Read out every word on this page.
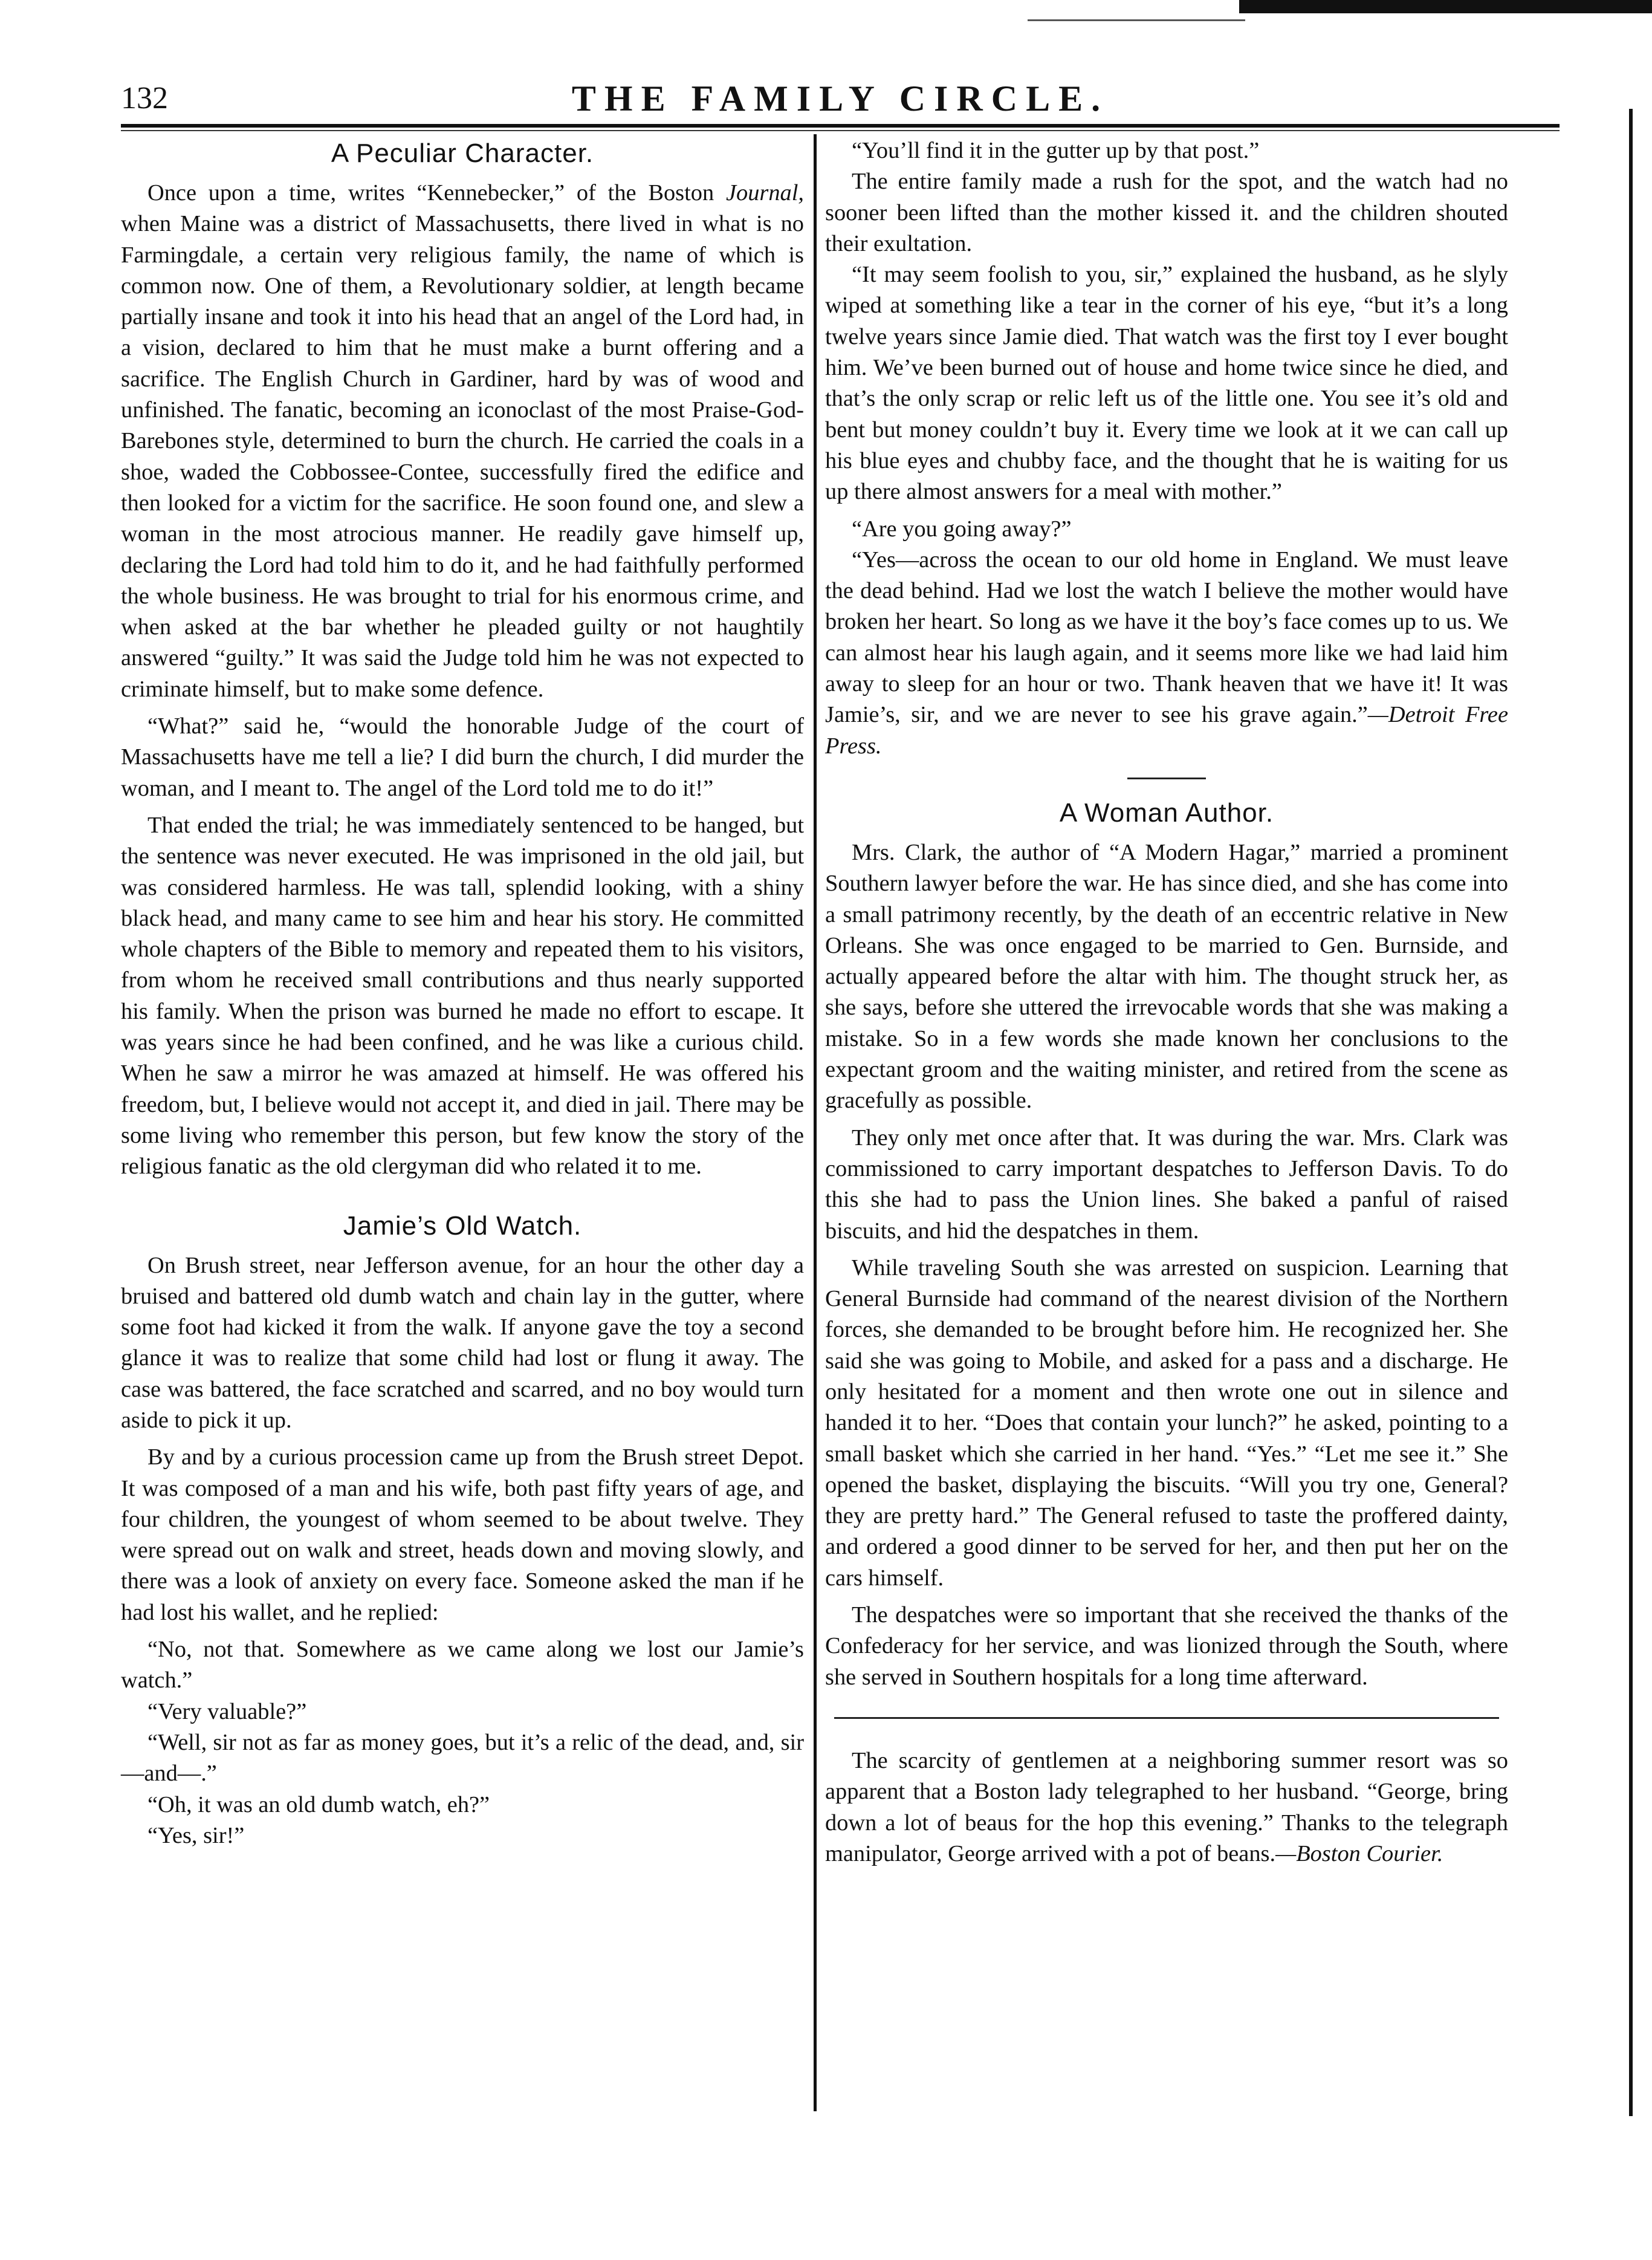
132	THE FAMILY CIRCLE.
A Peculiar Character.

Once upon a time, writes “Kennebecker,” of the Boston Journal, when Maine was a district of Massachusetts, there lived in what is no Farmingdale, a certain very religious family, the name of which is common now. One of them, a Revolutionary soldier, at length became partially insane and took it into his head that an angel of the Lord had, in a vision, declared to him that he must make a burnt offering and a sacrifice. The English Church in Gardiner, hard by was of wood and unfinished. The fanatic, becoming an iconoclast of the most Praise-God-Barebones style, determined to burn the church. He carried the coals in a shoe, waded the Cobbossee-Contee, successfully fired the edifice and then looked for a victim for the sacrifice. He soon found one, and slew a woman in the most atrocious manner. He readily gave himself up, declaring the Lord had told him to do it, and he had faithfully performed the whole business. He was brought to trial for his enormous crime, and when asked at the bar whether he pleaded guilty or not haughtily answered “guilty.” It was said the Judge told him he was not expected to criminate himself, but to make some defence.

“What?” said he, “would the honorable Judge of the court of Massachusetts have me tell a lie? I did burn the church, I did murder the woman, and I meant to. The angel of the Lord told me to do it!”

That ended the trial; he was immediately sentenced to be hanged, but the sentence was never executed. He was imprisoned in the old jail, but was considered harmless. He was tall, splendid looking, with a shiny black head, and many came to see him and hear his story. He committed whole chapters of the Bible to memory and repeated them to his visitors, from whom he received small contributions and thus nearly supported his family. When the prison was burned he made no effort to escape. It was years since he had been confined, and he was like a curious child. When he saw a mirror he was amazed at himself. He was offered his freedom, but, I believe would not accept it, and died in jail. There may be some living who remember this person, but few know the story of the religious fanatic as the old clergyman did who related it to me.

Jamie’s Old Watch.

On Brush street, near Jefferson avenue, for an hour the other day a bruised and battered old dumb watch and chain lay in the gutter, where some foot had kicked it from the walk. If anyone gave the toy a second glance it was to realize that some child had lost or flung it away. The case was battered, the face scratched and scarred, and no boy would turn aside to pick it up.

By and by a curious procession came up from the Brush street Depot. It was composed of a man and his wife, both past fifty years of age, and four children, the youngest of whom seemed to be about twelve. They were spread out on walk and street, heads down and moving slowly, and there was a look of anxiety on every face. Someone asked the man if he had lost his wallet, and he replied:

“No, not that. Somewhere as we came along we lost our Jamie’s watch.”

“Very valuable?”

“Well, sir not as far as money goes, but it’s a relic of the dead, and, sir—and—.”

“Oh, it was an old dumb watch, eh?”

“Yes, sir!”

“You’ll find it in the gutter up by that post.”

The entire family made a rush for the spot, and the watch had no sooner been lifted than the mother kissed it. and the children shouted their exultation.

“It may seem foolish to you, sir,” explained the husband, as he slyly wiped at something like a tear in the corner of his eye, “but it’s a long twelve years since Jamie died. That watch was the first toy I ever bought him. We’ve been burned out of house and home twice since he died, and that’s the only scrap or relic left us of the little one. You see it’s old and bent but money couldn’t buy it. Every time we look at it we can call up his blue eyes and chubby face, and the thought that he is waiting for us up there almost answers for a meal with mother.”

“Are you going away?”

“Yes—across the ocean to our old home in England. We must leave the dead behind. Had we lost the watch I believe the mother would have broken her heart. So long as we have it the boy’s face comes up to us. We can almost hear his laugh again, and it seems more like we had laid him away to sleep for an hour or two. Thank heaven that we have it! It was Jamie’s, sir, and we are never to see his grave again.”—Detroit Free Press.

A Woman Author.

Mrs. Clark, the author of “A Modern Hagar,” married a prominent Southern lawyer before the war. He has since died, and she has come into a small patrimony recently, by the death of an eccentric relative in New Orleans. She was once engaged to be married to Gen. Burnside, and actually appeared before the altar with him. The thought struck her, as she says, before she uttered the irrevocable words that she was making a mistake. So in a few words she made known her conclusions to the expectant groom and the waiting minister, and retired from the scene as gracefully as possible.

They only met once after that. It was during the war. Mrs. Clark was commissioned to carry important despatches to Jefferson Davis. To do this she had to pass the Union lines. She baked a panful of raised biscuits, and hid the despatches in them.

While traveling South she was arrested on suspicion. Learning that General Burnside had command of the nearest division of the Northern forces, she demanded to be brought before him. He recognized her. She said she was going to Mobile, and asked for a pass and a discharge. He only hesitated for a moment and then wrote one out in silence and handed it to her. “Does that contain your lunch?” he asked, pointing to a small basket which she carried in her hand. “Yes.” “Let me see it.” She opened the basket, displaying the biscuits. “Will you try one, General? they are pretty hard.” The General refused to taste the proffered dainty, and ordered a good dinner to be served for her, and then put her on the cars himself.

The despatches were so important that she received the thanks of the Confederacy for her service, and was lionized through the South, where she served in Southern hospitals for a long time afterward.

The scarcity of gentlemen at a neighboring summer resort was so apparent that a Boston lady telegraphed to her husband. “George, bring down a lot of beaus for the hop this evening.” Thanks to the telegraph manipulator, George arrived with a pot of beans.—Boston Courier.
